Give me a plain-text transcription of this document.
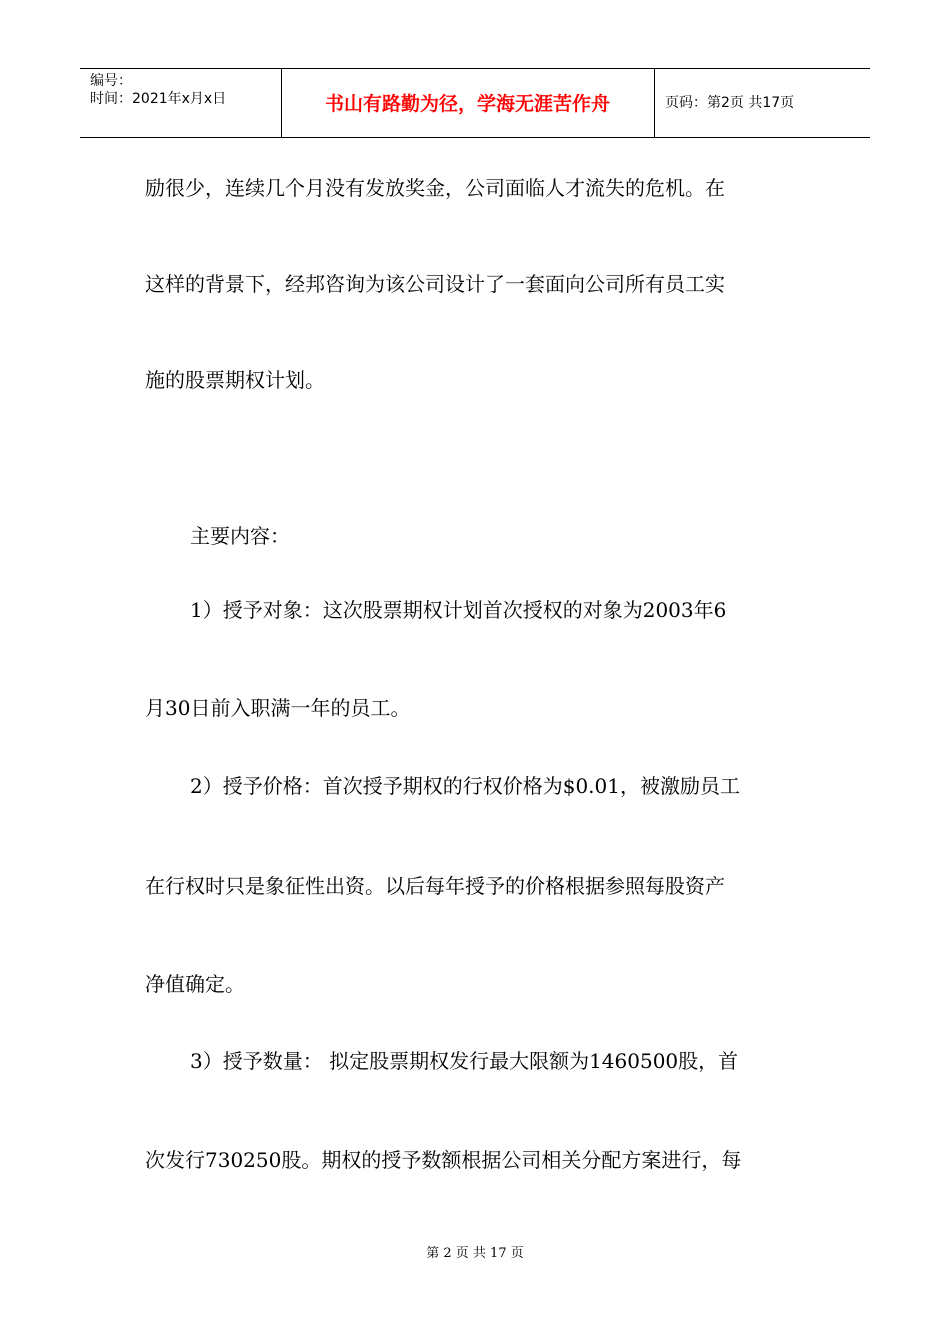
编号：
时间：2021年x月x日	书山有路勤为径，学海无涯苦作舟	页码：第2页 共17页
励很少，连续几个月没有发放奖金，公司面临人才流失的危机。在
这样的背景下，经邦咨询为该公司设计了一套面向公司所有员工实
施的股票期权计划。
主要内容：
1）授予对象：这次股票期权计划首次授权的对象为2003年6
月30日前入职满一年的员工。
2）授予价格：首次授予期权的行权价格为$0.01，被激励员工
在行权时只是象征性出资。以后每年授予的价格根据参照每股资产
净值确定。
3）授予数量： 拟定股票期权发行最大限额为1460500股，首
次发行730250股。期权的授予数额根据公司相关分配方案进行，每
第 2 页 共 17 页
